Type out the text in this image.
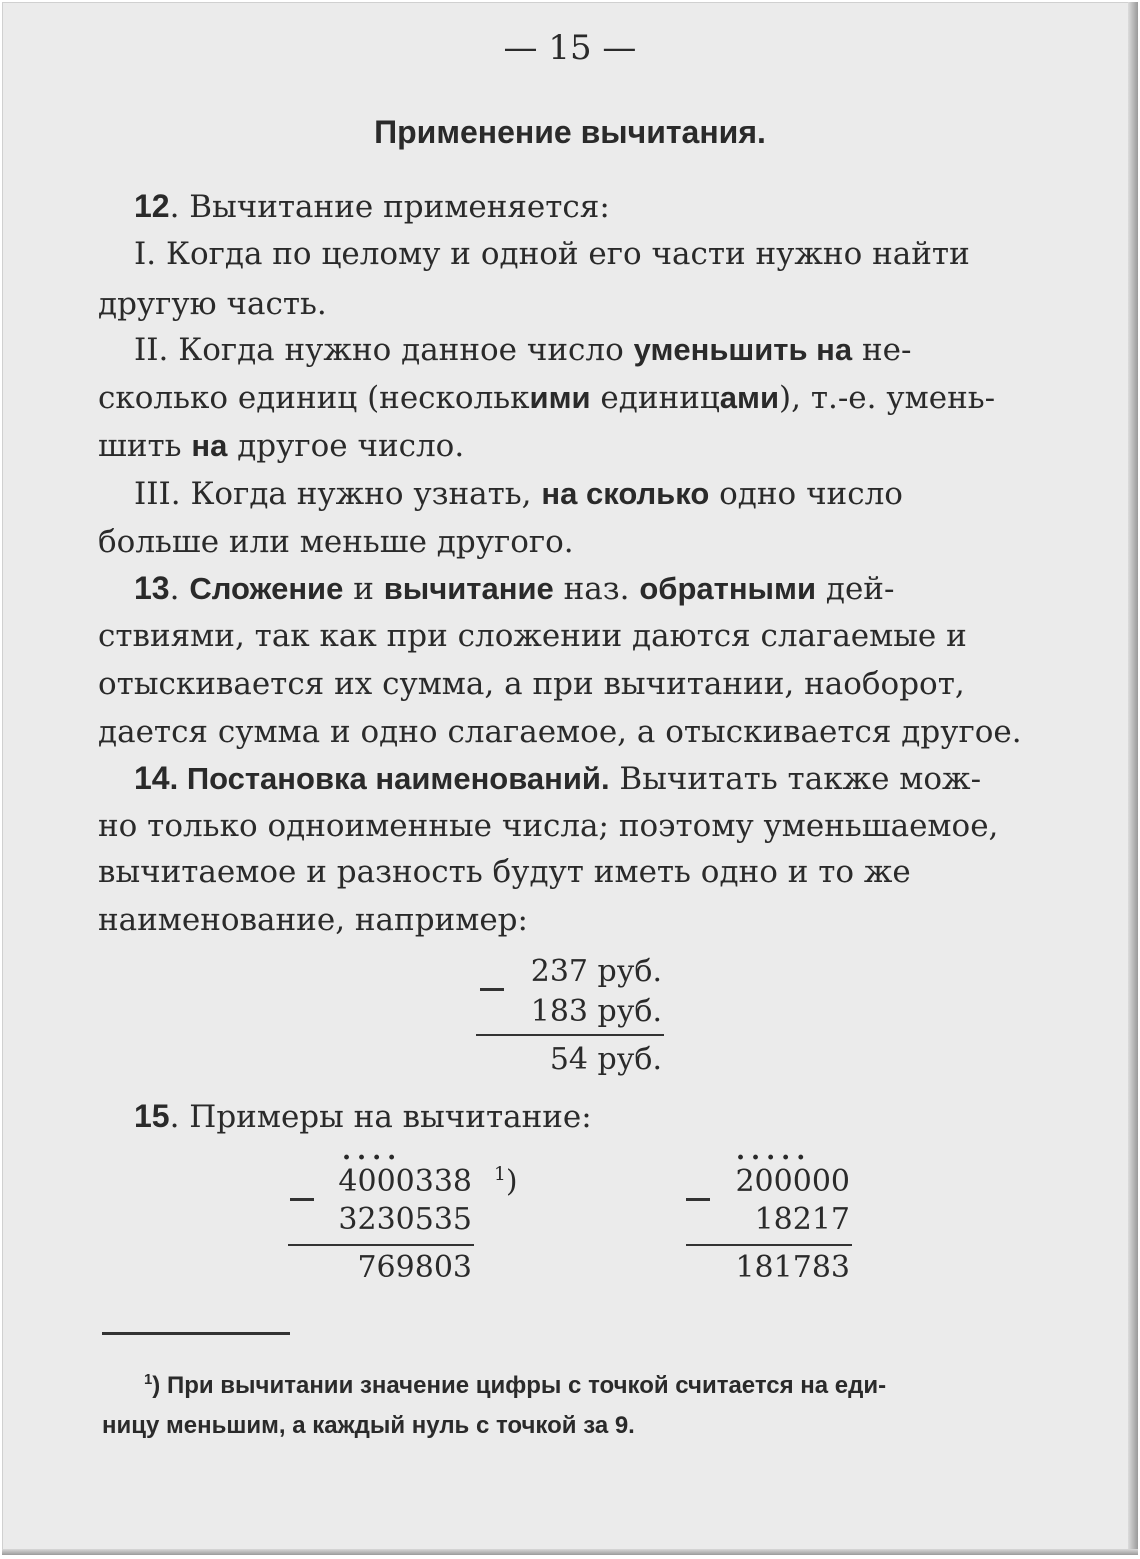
— 15 —
Применение вычитания.
12. Вычитание применяется:
I. Когда по целому и одной его части нужно найти
другую часть.
II. Когда нужно данное число уменьшить на не-
сколько единиц (несколькими единицами), т.-е. умень-
шить на другое число.
III. Когда нужно узнать, на сколько одно число
больше или меньше другого.
13. Сложение и вычитание наз. обратными дей-
ствиями, так как при сложении даются слагаемые и
отыскивается их сумма, а при вычитании, наоборот,
дается сумма и одно слагаемое, а отыскивается другое.
14. Постановка наименований. Вычитать также мож-
но только одноименные числа; поэтому уменьшаемое,
вычитаемое и разность будут иметь одно и то же
наименование, например:
237 руб.
183 руб.
54 руб.
15. Примеры на вычитание:
....
4000338 $^1$)
3230535
769803
.....
200000
18217
181783
$^1$) При вычитании значение цифры с точкой считается на еди-
ницу меньшим, а каждый нуль с точкой за 9.
